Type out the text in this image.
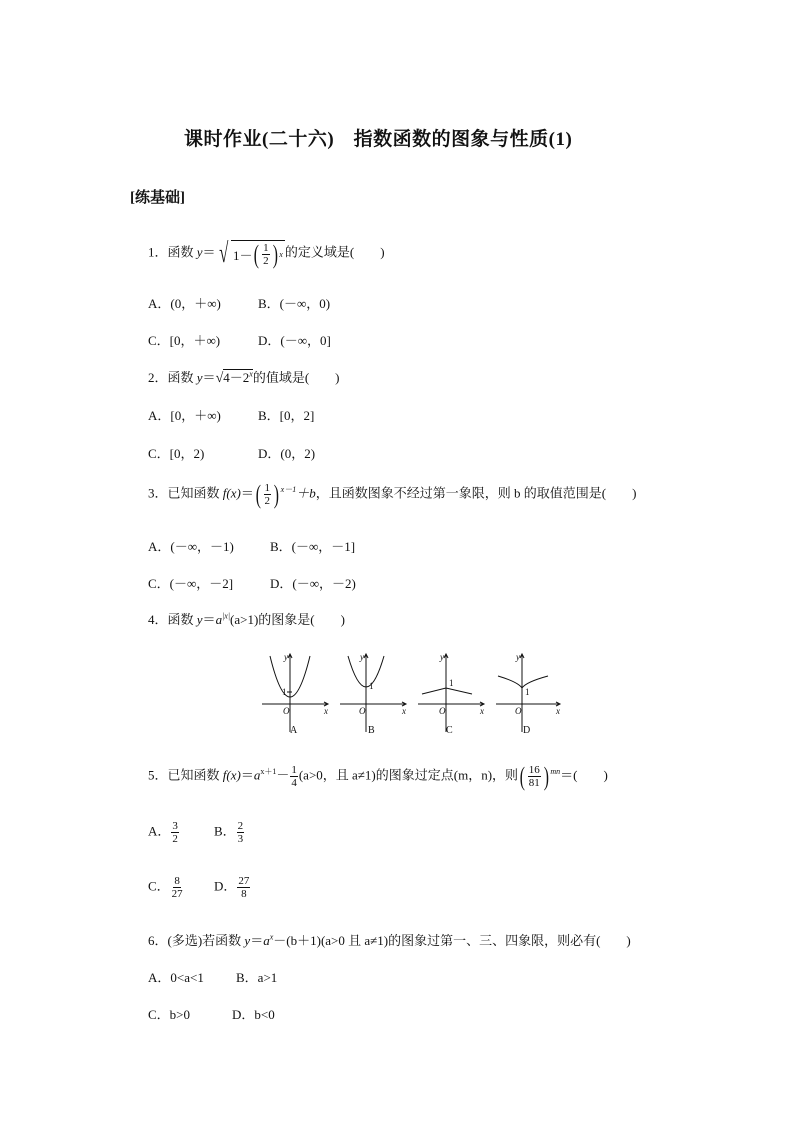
课时作业(二十六)　指数函数的图象与性质(1)
[练基础]
1．函数 y＝ √ 1－ ( $\frac{1}{2}$ ) x 的定义域是(　　)
A．(0，＋∞)	B．(－∞，0)
C．[0，＋∞)	D．(－∞，0]
2．函数 $y=√4-2^x$的值域是(　　)
A．[0，＋∞)	B．[0，2]
C．[0，2)	D．(0，2)
3．已知函数 $f(x)=( \frac{1}{2}$ ) $^{x-1}$＋b，且函数图象不经过第一象限，则 b 的取值范围是(　　)
A．(－∞，－1)	B．(－∞，－1]
C．(－∞，－2]	D．(－∞，－2)
4．函数 $y=a^{|x|}(a>1)$的图象是(　　)
y
x
O
y
x
O
y
x
O
y
x
O
1
1	1
1
A	B	C	D
5．已知函数 $f(x)=a^{x+1}- \frac{1}{4} (a>0$，且 a≠1)的图象过定点(m，n)，则( $\frac{16}{81}$ ) $^{mn}$＝(　　)
A． $\frac{3}{2}$	B． $\frac{2}{3}$
C． $\frac{8}{27}$ D． $\frac{27}{8}$
6．(多选)若函数 $y=a^x-(b+1)(a>0$ 且 a≠1)的图象过第一、三、四象限，则必有(　　)
A．0<a<1 B．a>1
C．b>0	D．b<0
